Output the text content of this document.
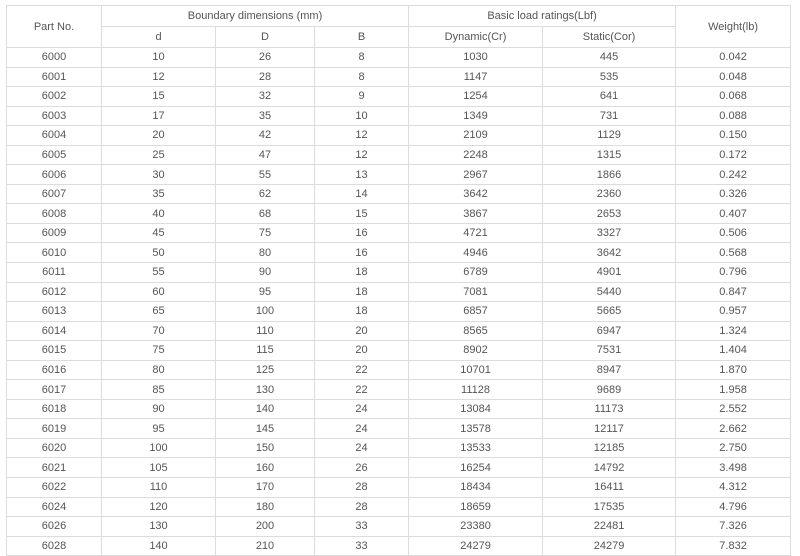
Part No.	Boundary dimensions (mm)			Basic load ratings(Lbf)		Weight(lb)
	d	D	B	Dynamic(Cr)	Static(Cor)	
6000	10	26	8	1030	445	0.042
6001	12	28	8	1147	535	0.048
6002	15	32	9	1254	641	0.068
6003	17	35	10	1349	731	0.088
6004	20	42	12	2109	1129	0.150
6005	25	47	12	2248	1315	0.172
6006	30	55	13	2967	1866	0.242
6007	35	62	14	3642	2360	0.326
6008	40	68	15	3867	2653	0.407
6009	45	75	16	4721	3327	0.506
6010	50	80	16	4946	3642	0.568
6011	55	90	18	6789	4901	0.796
6012	60	95	18	7081	5440	0.847
6013	65	100	18	6857	5665	0.957
6014	70	110	20	8565	6947	1.324
6015	75	115	20	8902	7531	1.404
6016	80	125	22	10701	8947	1.870
6017	85	130	22	11128	9689	1.958
6018	90	140	24	13084	11173	2.552
6019	95	145	24	13578	12117	2.662
6020	100	150	24	13533	12185	2.750
6021	105	160	26	16254	14792	3.498
6022	110	170	28	18434	16411	4.312
6024	120	180	28	18659	17535	4.796
6026	130	200	33	23380	22481	7.326
6028	140	210	33	24279	24279	7.832
